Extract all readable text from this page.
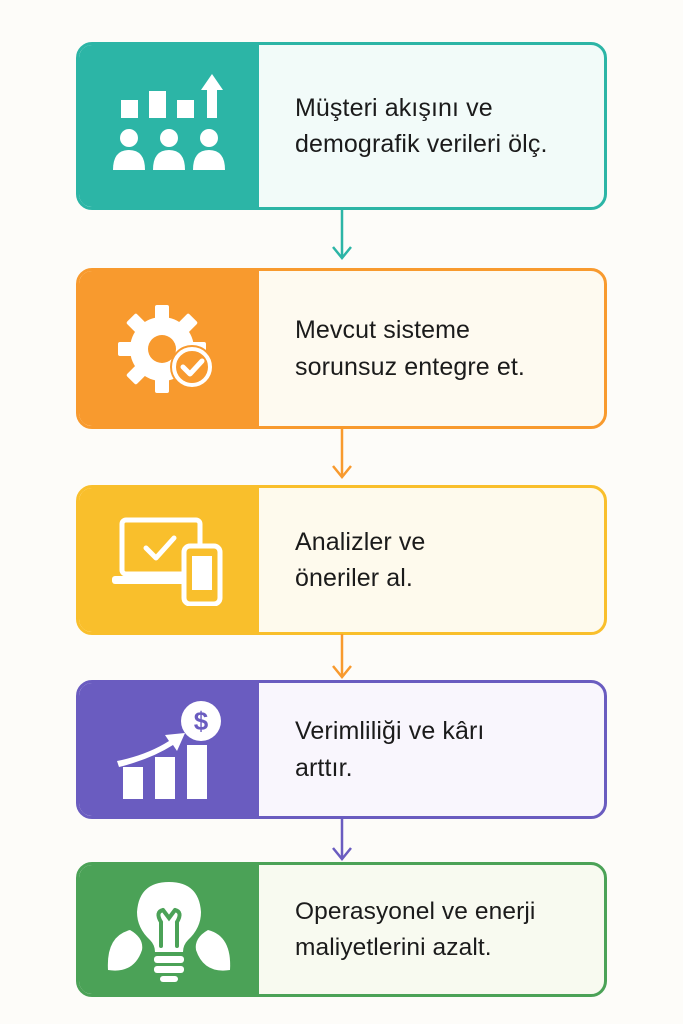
Müşteri akışını ve demografik verileri ölç.

Mevcut sisteme sorunsuz entegre et.

Analizler ve öneriler al.

$	Verimliliği ve kârı arttır.

Operasyonel ve enerji maliyetlerini azalt.
